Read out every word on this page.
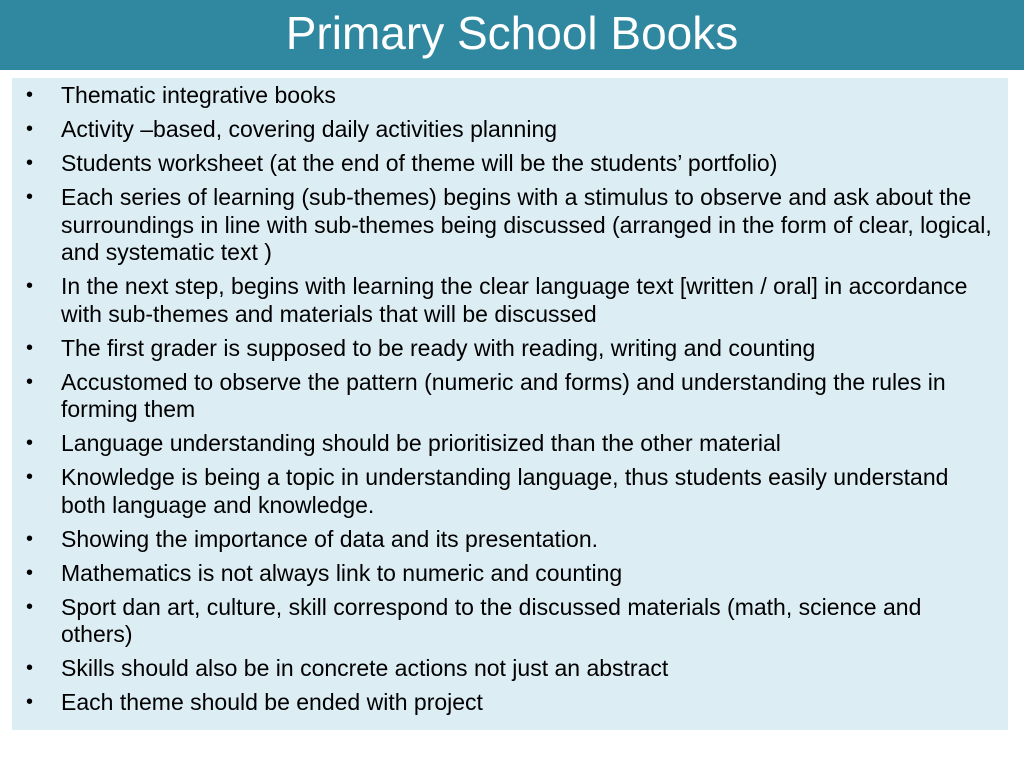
Primary School Books
• Thematic integrative books
• Activity –based, covering daily activities planning
• Students worksheet (at the end of theme will be the students’ portfolio)
• Each series of learning (sub-themes) begins with a stimulus to observe and ask about the surroundings in line with sub-themes being discussed (arranged in the form of clear, logical, and systematic text )
• In the next step, begins with learning the clear language text [written / oral] in accordance with sub-themes and materials that will be discussed
• The first grader is supposed to be ready with reading, writing and counting
• Accustomed to observe the pattern (numeric and forms) and understanding the rules in forming them
• Language understanding should be prioritisized than the other material
• Knowledge is being a topic in understanding language, thus students easily understand both language and knowledge.
• Showing the importance of data and its presentation.
• Mathematics is not always link to numeric and counting
• Sport dan art, culture, skill correspond to the discussed materials (math, science and others)
• Skills should also be in concrete actions not just an abstract
• Each theme should be ended with project
